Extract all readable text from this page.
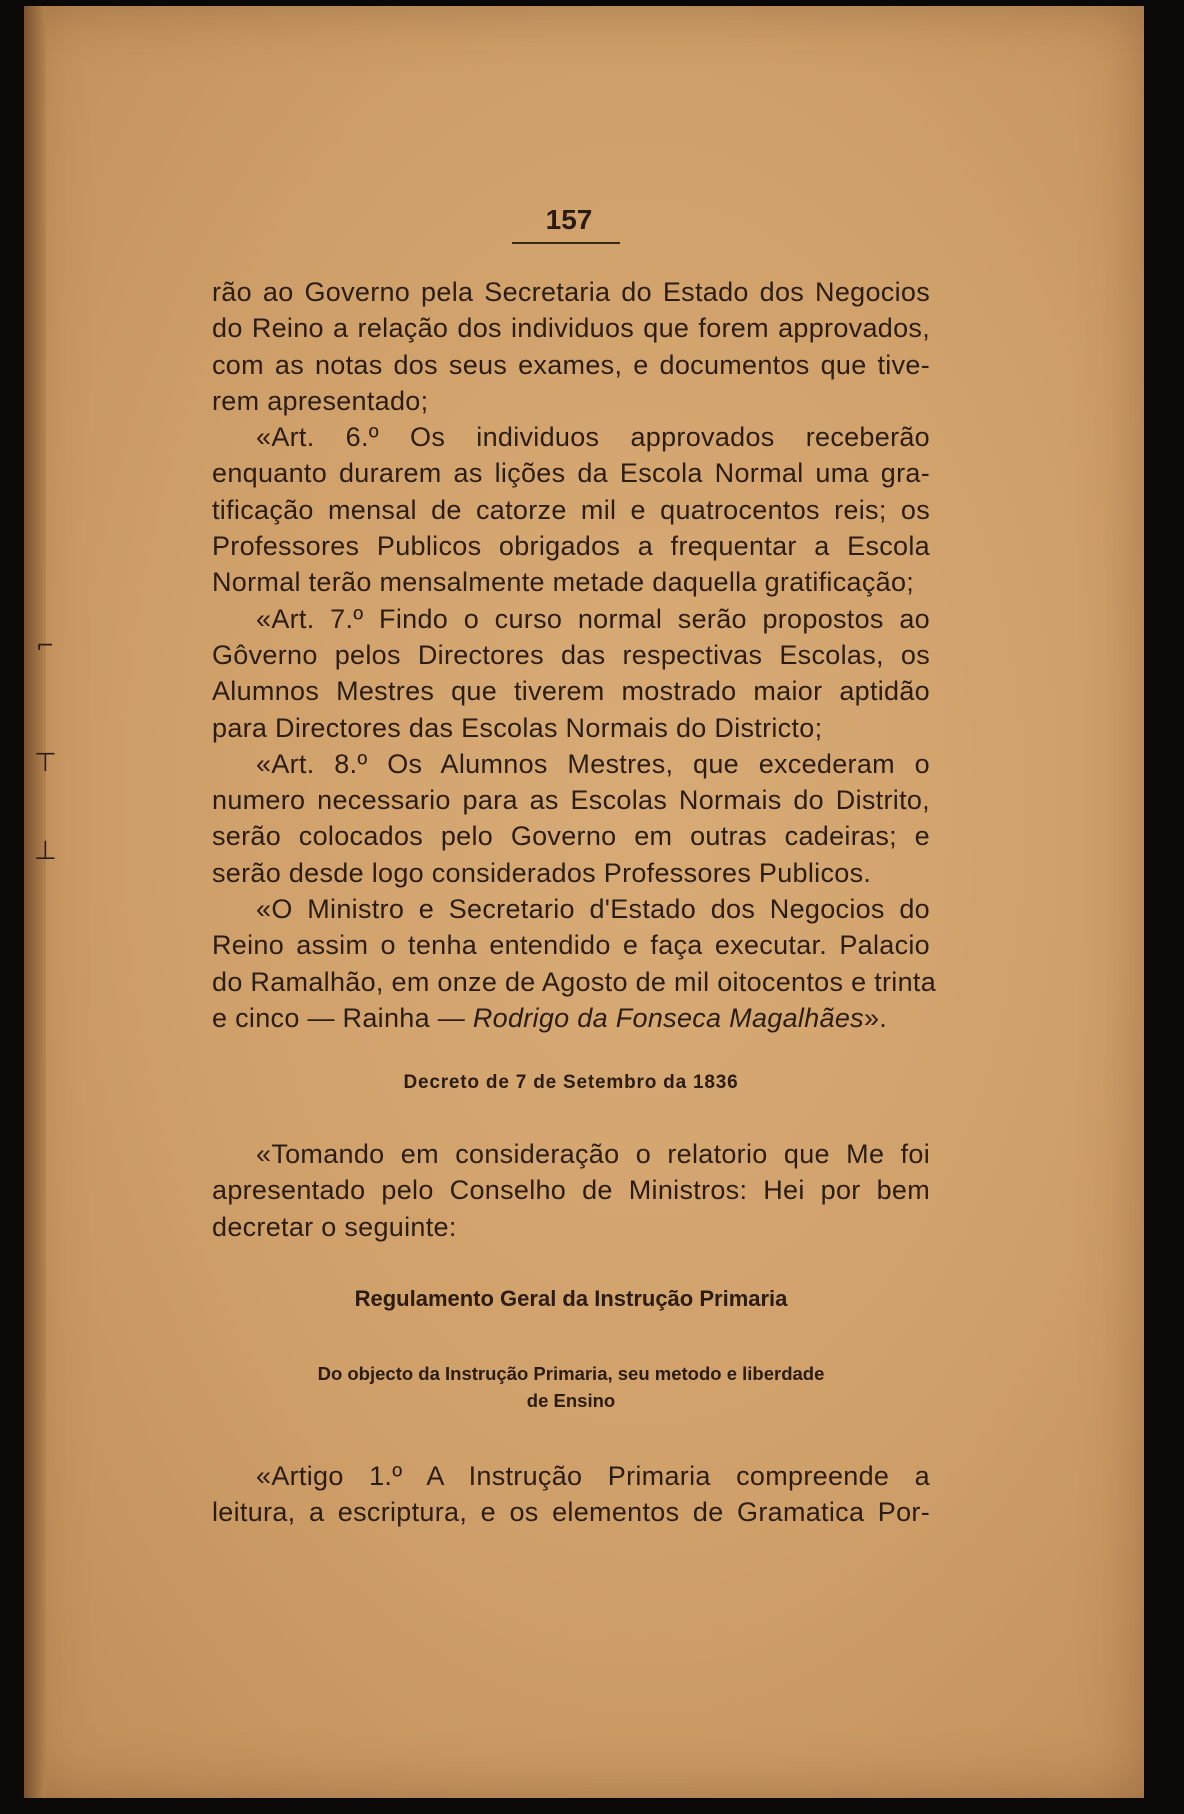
157
rão ao Governo pela Secretaria do Estado dos Negocios
do Reino a relação dos individuos que forem approvados,
com as notas dos seus exames, e documentos que tive-
rem apresentado;
«Art. 6.º Os individuos approvados receberão
enquanto durarem as lições da Escola Normal uma gra-
tificação mensal de catorze mil e quatrocentos reis; os
Professores Publicos obrigados a frequentar a Escola
Normal terão mensalmente metade daquella gratificação;
«Art. 7.º Findo o curso normal serão propostos ao
Gôverno pelos Directores das respectivas Escolas, os
Alumnos Mestres que tiverem mostrado maior aptidão
para Directores das Escolas Normais do Districto;
«Art. 8.º Os Alumnos Mestres, que excederam o
numero necessario para as Escolas Normais do Distrito,
serão colocados pelo Governo em outras cadeiras; e
serão desde logo considerados Professores Publicos.
«O Ministro e Secretario d'Estado dos Negocios do
Reino assim o tenha entendido e faça executar. Palacio
do Ramalhão, em onze de Agosto de mil oitocentos e trinta
e cinco — Rainha — Rodrigo da Fonseca Magalhães».
Decreto de 7 de Setembro da 1836
«Tomando em consideração o relatorio que Me foi
apresentado pelo Conselho de Ministros: Hei por bem
decretar o seguinte:
Regulamento Geral da Instrução Primaria
Do objecto da Instrução Primaria, seu metodo e liberdade
de Ensino
«Artigo 1.º A Instrução Primaria compreende a
leitura, a escriptura, e os elementos de Gramatica Por-
⌐
⊤
⊥
